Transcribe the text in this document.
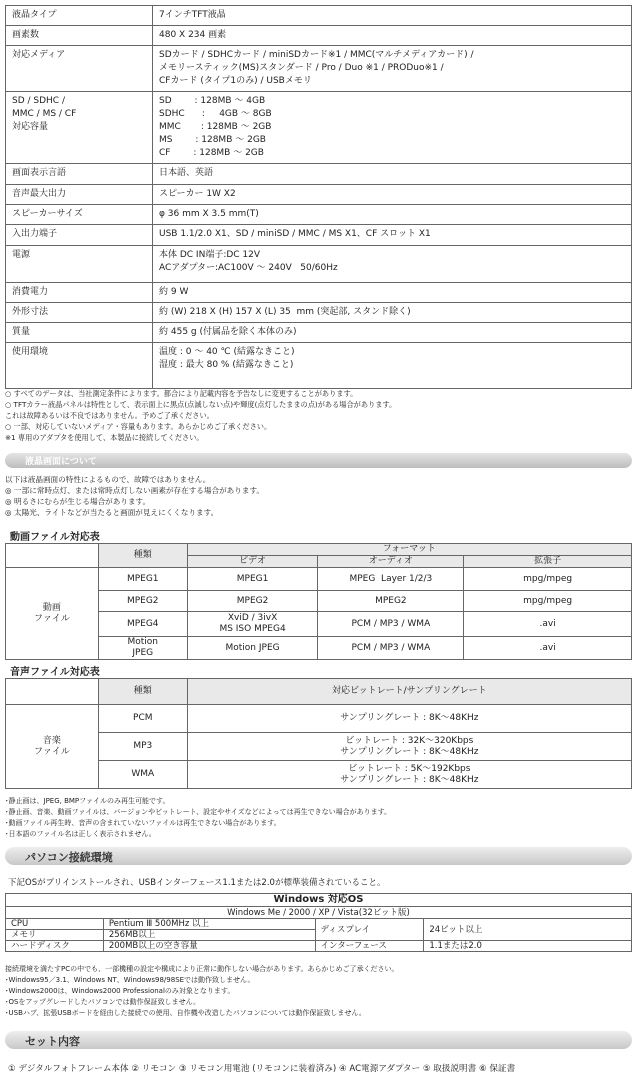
液晶タイプ	7インチTFT液晶
画素数	480 X 234 画素
対応メディア	SDカード / SDHCカード / miniSDカード※1 / MMC(マルチメディアカード) /
メモリースティック(MS)スタンダード / Pro / Duo ※1 / PRODuo※1 /
CFカード (タイプ1のみ) / USBメモリ
SD / SDHC /
MMC / MS / CF
対応容量	SD        : 128MB ～ 4GB
SDHC      :     4GB ～ 8GB
MMC       : 128MB ～ 2GB
MS        : 128MB ～ 2GB
CF        : 128MB ～ 2GB
画面表示言語	日本語、英語
音声最大出力	スピーカー 1W X2
スピーカーサイズ	φ 36 mm X 3.5 mm(T)
入出力端子	USB 1.1/2.0 X1、SD / miniSD / MMC / MS X1、CF スロット X1
電源	本体 DC IN端子:DC 12V
ACアダプター:AC100V ～ 240V   50/60Hz
消費電力	約 9 W
外形寸法	約 (W) 218 X (H) 157 X (L) 35  mm (突起部, スタンド除く)
質量	約 455 g (付属品を除く本体のみ)
使用環境	温度 : 0 ～ 40 ℃ (結露なきこと)
湿度 : 最大 80 % (結露なきこと)
○ すべてのデータは、当社測定条件によります。都合により記載内容を予告なしに変更することがあります。
○ TFTカラー液晶パネルは特性として、表示面上に黒点(点滅しない点)や輝度(点灯したままの点)がある場合があります。
これは故障あるいは不良ではありません。予めご了承ください。
○ 一部、対応していないメディア・容量もあります。あらかじめご了承ください。
※1 専用のアダプタを使用して、本製品に接続してください。
液晶画面について
以下は液晶画面の特性によるもので、故障ではありません。
◎ 一部に常時点灯、または常時点灯しない画素が存在する場合があります。
◎ 明るさにむらが生じる場合があります。
◎ 太陽光、ライトなどが当たると画面が見えにくくなります。
動画ファイル対応表
	種類	フォーマット		
		ビデオ	オーディオ	拡張子
動画
ファイル	MPEG1	MPEG1	MPEG  Layer 1/2/3	mpg/mpeg
	MPEG2	MPEG2	MPEG2	mpg/mpeg
	MPEG4	XviD / 3ivX
MS ISO MPEG4	PCM / MP3 / WMA	.avi
	Motion
JPEG	Motion JPEG	PCM / MP3 / WMA	.avi
音声ファイル対応表
	種類	対応ビットレート/サンプリングレート
音楽
ファイル	PCM	サンプリングレート : 8K～48KHz
	MP3	ビットレート : 32K～320Kbps
サンプリングレート : 8K～48KHz
	WMA	ビットレート : 5K～192Kbps
サンプリングレート : 8K～48KHz
･静止画は、JPEG, BMPファイルのみ再生可能です。
･静止画、音楽、動画ファイルは、バージョンやビットレート、設定やサイズなどによっては再生できない場合があります。
･動画ファイル再生時、音声の含まれていないファイルは再生できない場合があります。
･日本語のファイル名は正しく表示されません。
パソコン接続環境
下記OSがプリインストールされ、USBインターフェース1.1または2.0が標準装備されていること。
Windows 対応OS			
Windows Me / 2000 / XP / Vista(32ビット版)			
CPU	Pentium Ⅲ 500MHz 以上	ディスプレイ	24ビット以上
メモリ	256MB以上		
ハードディスク	200MB以上の空き容量	インターフェース	1.1または2.0
接続環境を満たすPCの中でも、一部機種の設定や構成により正常に動作しない場合があります。あらかじめご了承ください。
･Windows95／3.1、Windows NT、Windows98/98SEでは動作致しません。
･Windows2000は、Windows2000 Professionalのみ対象となります。
･OSをアップグレードしたパソコンでは動作保証致しません。
･USBハブ、拡張USBボードを経由した接続での使用、自作機や改造したパソコンについては動作保証致しません。
セット内容
① デジタルフォトフレーム本体 ② リモコン ③ リモコン用電池 (リモコンに装着済み) ④ AC電源アダプター ⑤ 取扱説明書 ⑥ 保証書
